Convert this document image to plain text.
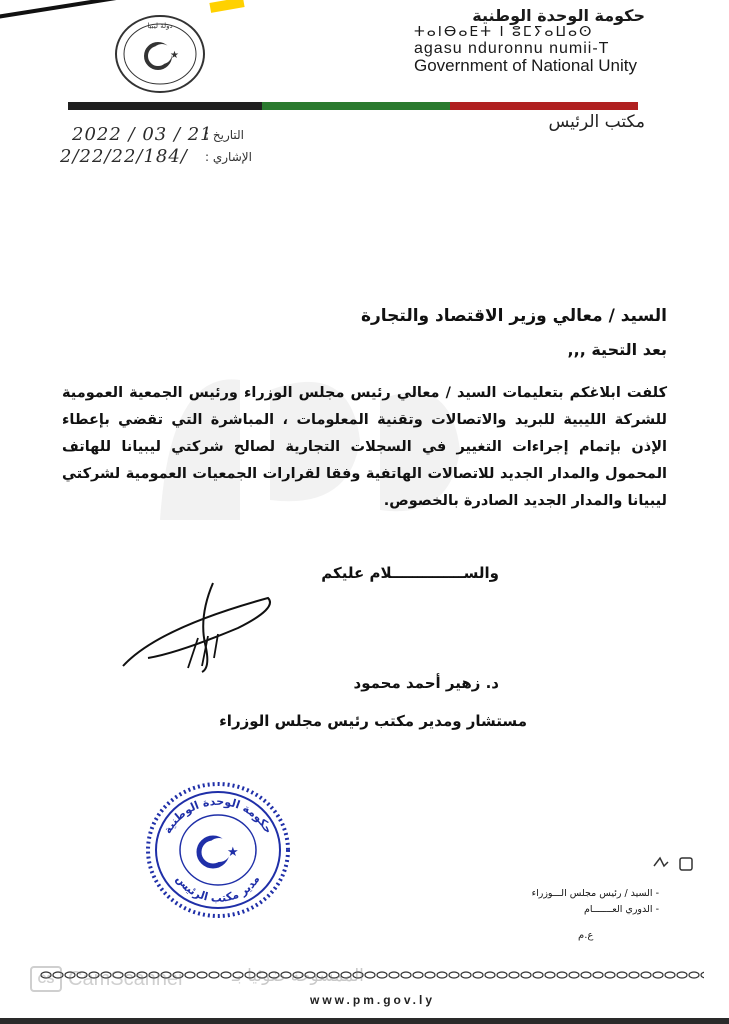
★
دولة ليبيا
حكومة الوحدة الوطنية
ⵜⴰⵏⴱⴰⴹⵜ ⵏ ⵓⵎⵢⴰⵡⴰⵙ
agasu nduronnu numii-T
Government of National Unity
مكتب الرئيس
2022 / 03 / 21
التاريخ :
2/22/22/184/ الإشاري :
السيد / معالي وزير الاقتصاد والتجارة
بعد التحية ,,,
كلفت ابلاغكم بتعليمات السيد / معالي رئيس مجلس الوزراء ورئيس الجمعية العمومية للشركة الليبية للبريد والاتصالات وتقنية المعلومات ، المباشرة التي تقضي بإعطاء الإذن بإتمام إجراءات التغيير في السجلات التجارية لصالح شركتي ليبيانا للهاتف المحمول والمدار الجديد للاتصالات الهاتفية وفقا لقرارات الجمعيات العمومية لشركتي ليبيانا والمدار الجديد الصادرة بالخصوص.
والســــــــــــــلام عليكم
د. زهير أحمد محمود
مستشار ومدير مكتب رئيس مجلس الوزراء
حكومة الوحدة الوطنية
مدير مكتب الرئيس
★
- السيد / رئيس مجلس الـــوزراء
- الدوري العـــــــام
ع.م
CS CamScanner	الممسوحة ضوئيا بـ
www.pm.gov.ly
